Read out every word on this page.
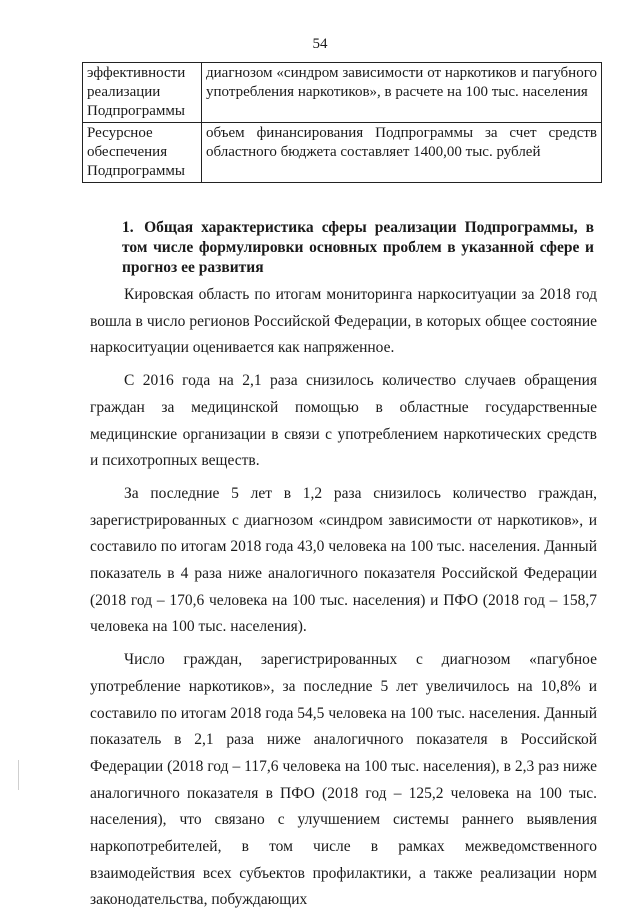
54
эффективности реализации Подпрограммы	диагнозом «синдром зависимости от наркотиков и пагубного употребления наркотиков», в расчете на 100 тыс. населения
Ресурсное обеспечения Подпрограммы	объем финансирования Подпрограммы за счет средств областного бюджета составляет 1400,00 тыс. рублей
1. Общая характеристика сферы реализации Подпрограммы, в том числе формулировки основных проблем в указанной сфере и прогноз ее развития

Кировская область по итогам мониторинга наркоситуации за 2018 год вошла в число регионов Российской Федерации, в которых общее состояние наркоситуации оценивается как напряженное.

С 2016 года на 2,1 раза снизилось количество случаев обращения граждан за медицинской помощью в областные государственные медицинские организации в связи с употреблением наркотических средств и психотропных веществ.

За последние 5 лет в 1,2 раза снизилось количество граждан, зарегистрированных с диагнозом «синдром зависимости от наркотиков», и составило по итогам 2018 года 43,0 человека на 100 тыс. населения. Данный показатель в 4 раза ниже аналогичного показателя Российской Федерации (2018 год – 170,6 человека на 100 тыс. населения) и ПФО (2018 год – 158,7 человека на 100 тыс. населения).

Число граждан, зарегистрированных с диагнозом «пагубное употребление наркотиков», за последние 5 лет увеличилось на 10,8% и составило по итогам 2018 года 54,5 человека на 100 тыс. населения. Данный показатель в 2,1 раза ниже аналогичного показателя в Российской Федерации (2018 год – 117,6 человека на 100 тыс. населения), в 2,3 раз ниже аналогичного показателя в ПФО (2018 год – 125,2 человека на 100 тыс. населения), что связано с улучшением системы раннего выявления наркопотребителей, в том числе в рамках межведомственного взаимодействия всех субъектов профилактики, а также реализации норм законодательства, побуждающих
